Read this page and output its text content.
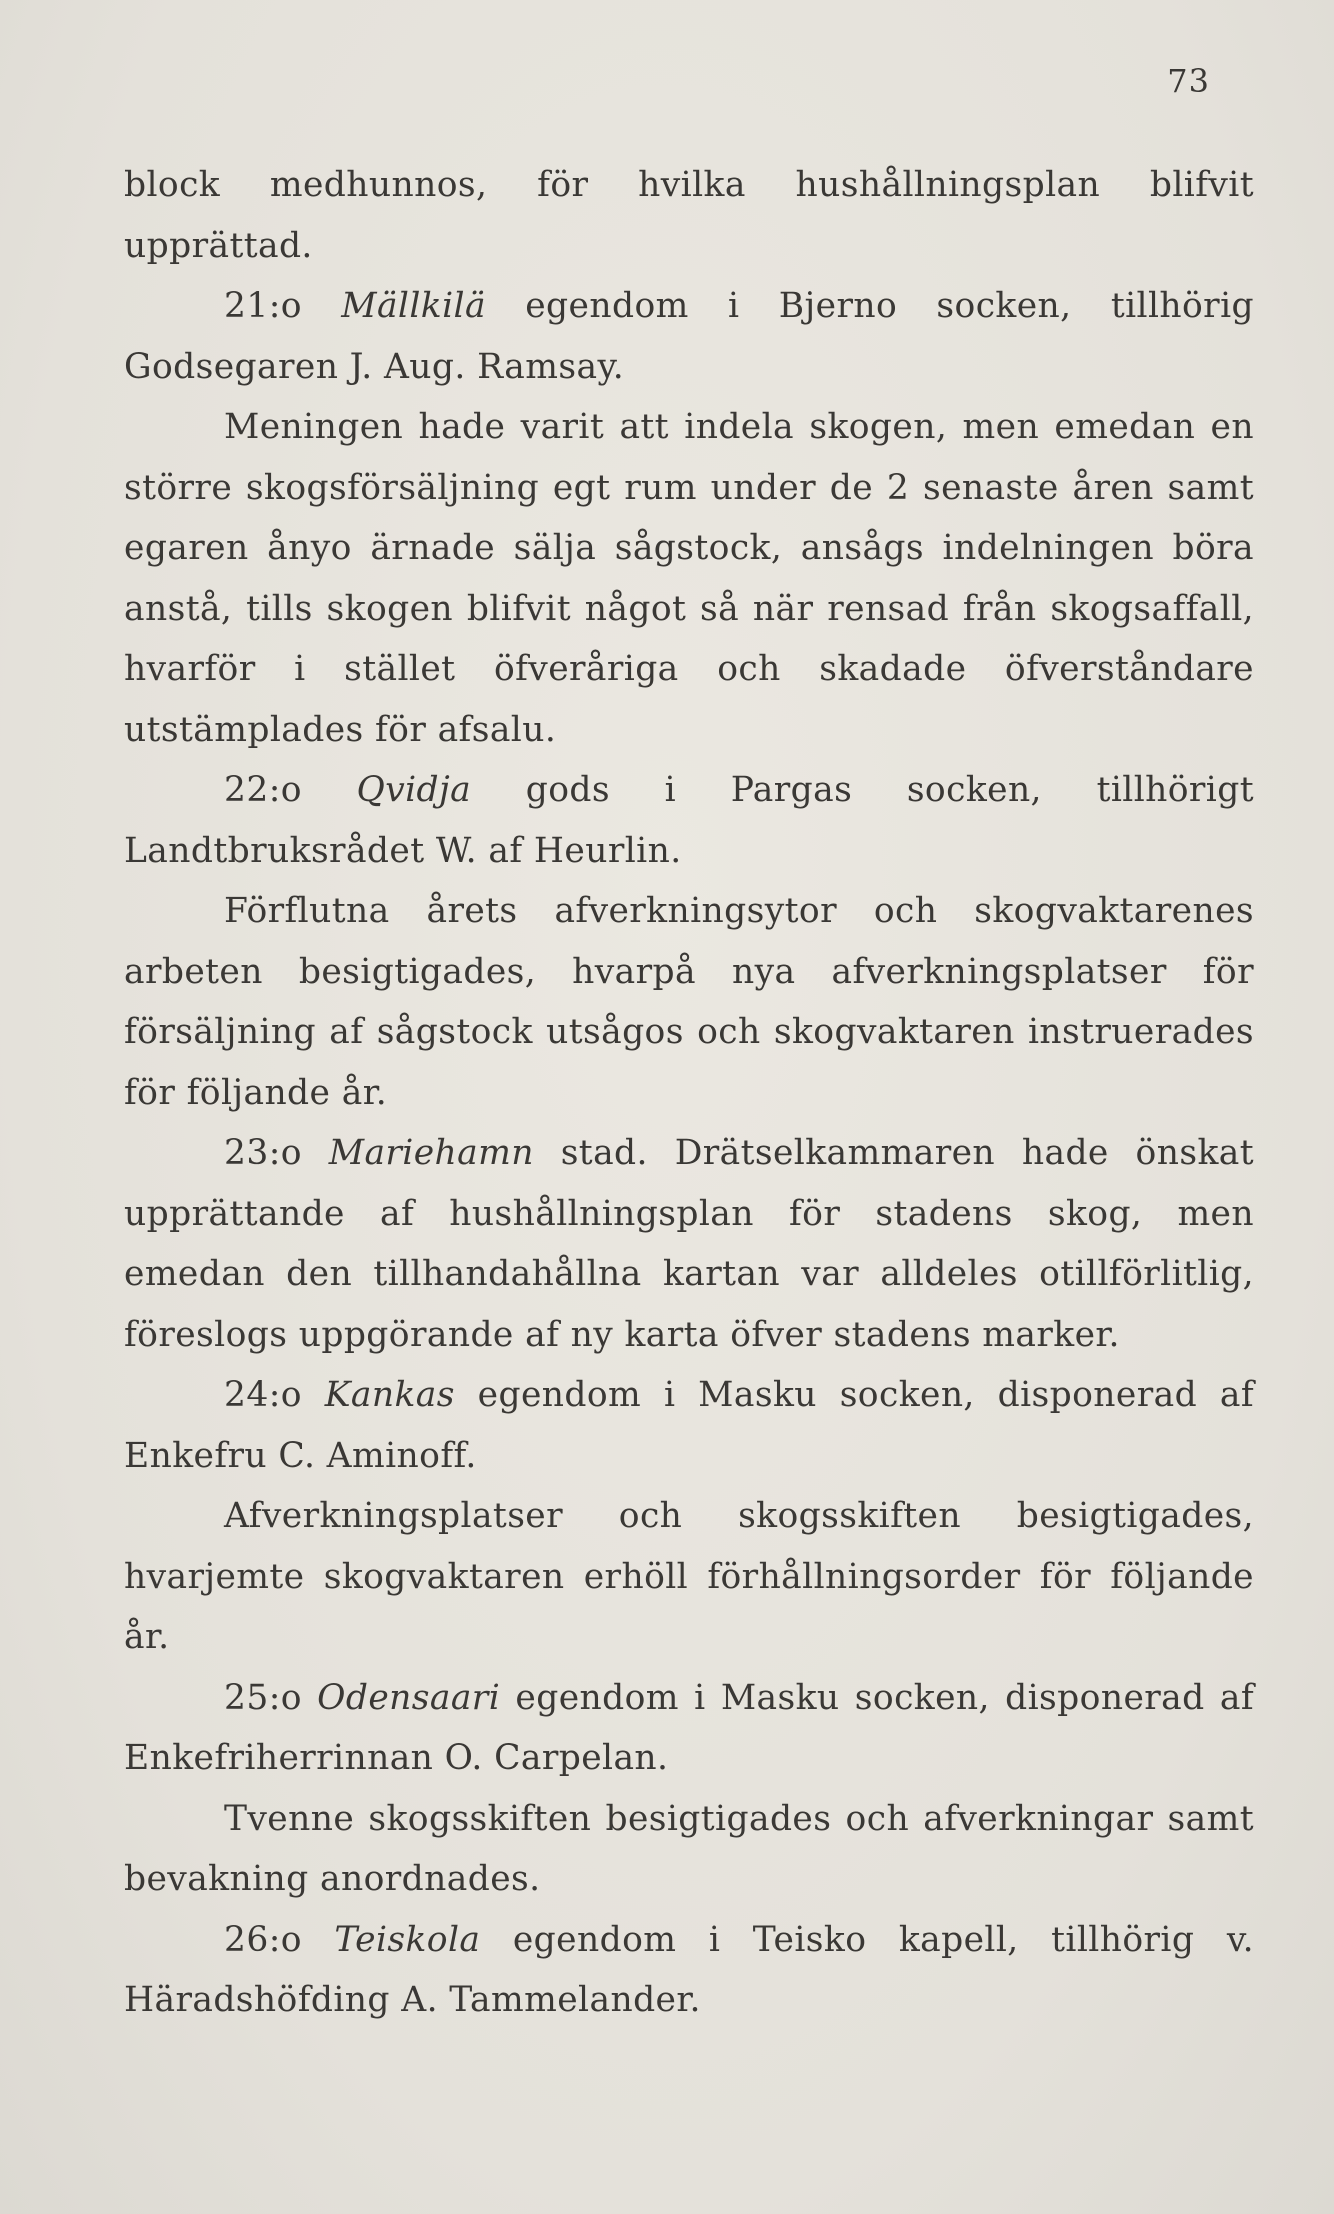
73

block medhunnos, för hvilka hushållningsplan blifvit upprättad.

21:o Mällkilä egendom i Bjerno socken, tillhörig Godsegaren J. Aug. Ramsay.

Meningen hade varit att indela skogen, men emedan en större skogsförsäljning egt rum under de 2 senaste åren samt egaren ånyo ärnade sälja sågstock, ansågs indelningen böra anstå, tills skogen blifvit något så när rensad från skogsaffall, hvarför i stället öfveråriga och skadade öfverståndare utstämplades för afsalu.

22:o Qvidja gods i Pargas socken, tillhörigt Landtbruksrådet W. af Heurlin.

Förflutna årets afverkningsytor och skogvaktarenes arbeten besigtigades, hvarpå nya afverkningsplatser för försäljning af sågstock utsågos och skogvaktaren instruerades för följande år.

23:o Mariehamn stad. Drätselkammaren hade önskat upprättande af hushållningsplan för stadens skog, men emedan den tillhandahållna kartan var alldeles otillförlitlig, föreslogs uppgörande af ny karta öfver stadens marker.

24:o Kankas egendom i Masku socken, disponerad af Enkefru C. Aminoff.

Afverkningsplatser och skogsskiften besigtigades, hvarjemte skogvaktaren erhöll förhållningsorder för följande år.

25:o Odensaari egendom i Masku socken, disponerad af Enkefriherrinnan O. Carpelan.

Tvenne skogsskiften besigtigades och afverkningar samt bevakning anordnades.

26:o Teiskola egendom i Teisko kapell, tillhörig v. Häradshöfding A. Tammelander.
